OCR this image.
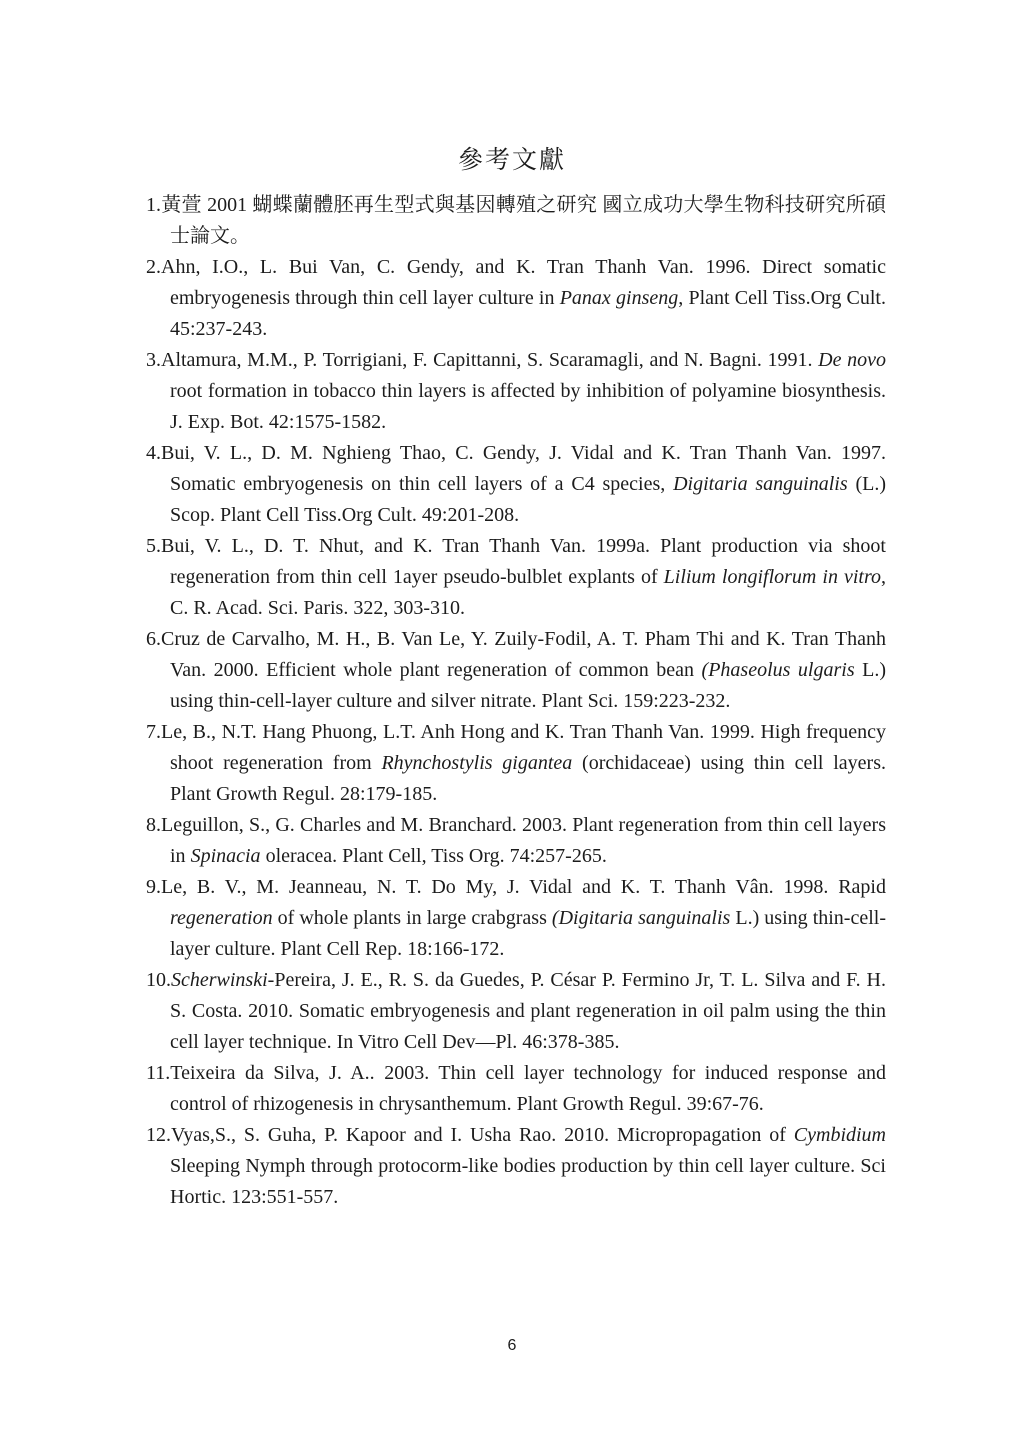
參考文獻

1.黃萱 2001 蝴蝶蘭體胚再生型式與基因轉殖之研究 國立成功大學生物科技研究所碩士論文。

2.Ahn, I.O., L. Bui Van, C. Gendy, and K. Tran Thanh Van. 1996. Direct somatic embryogenesis through thin cell layer culture in Panax ginseng, Plant Cell Tiss.Org Cult. 45:237-243.

3.Altamura, M.M., P. Torrigiani, F. Capittanni, S. Scaramagli, and N. Bagni. 1991. De novo root formation in tobacco thin layers is affected by inhibition of polyamine biosynthesis. J. Exp. Bot. 42:1575-1582.

4.Bui, V. L., D. M. Nghieng Thao, C. Gendy, J. Vidal and K. Tran Thanh Van. 1997. Somatic embryogenesis on thin cell layers of a C4 species, Digitaria sanguinalis (L.) Scop. Plant Cell Tiss.Org Cult. 49:201-208.

5.Bui, V. L., D. T. Nhut, and K. Tran Thanh Van. 1999a. Plant production via shoot regeneration from thin cell 1ayer pseudo-bulblet explants of Lilium longiflorum in vitro, C. R. Acad. Sci. Paris. 322, 303-310.

6.Cruz de Carvalho, M. H., B. Van Le, Y. Zuily-Fodil, A. T. Pham Thi and K. Tran Thanh Van. 2000. Efficient whole plant regeneration of common bean (Phaseolus ulgaris L.) using thin-cell-layer culture and silver nitrate. Plant Sci. 159:223-232.

7.Le, B., N.T. Hang Phuong, L.T. Anh Hong and K. Tran Thanh Van. 1999. High frequency shoot regeneration from Rhynchostylis gigantea (orchidaceae) using thin cell layers. Plant Growth Regul. 28:179-185.

8.Leguillon, S., G. Charles and M. Branchard. 2003. Plant regeneration from thin cell layers in Spinacia oleracea. Plant Cell, Tiss Org. 74:257-265.

9.Le, B. V., M. Jeanneau, N. T. Do My, J. Vidal and K. T. Thanh Vân. 1998. Rapid regeneration of whole plants in large crabgrass (Digitaria sanguinalis L.) using thin-cell-layer culture. Plant Cell Rep. 18:166-172.

10.Scherwinski-Pereira, J. E., R. S. da Guedes, P. César P. Fermino Jr, T. L. Silva and F. H. S. Costa. 2010. Somatic embryogenesis and plant regeneration in oil palm using the thin cell layer technique. In Vitro Cell Dev—Pl. 46:378-385.

11.Teixeira da Silva, J. A.. 2003. Thin cell layer technology for induced response and control of rhizogenesis in chrysanthemum. Plant Growth Regul. 39:67-76.

12.Vyas,S., S. Guha, P. Kapoor and I. Usha Rao. 2010. Micropropagation of Cymbidium Sleeping Nymph through protocorm-like bodies production by thin cell layer culture. Sci Hortic. 123:551-557.

6
